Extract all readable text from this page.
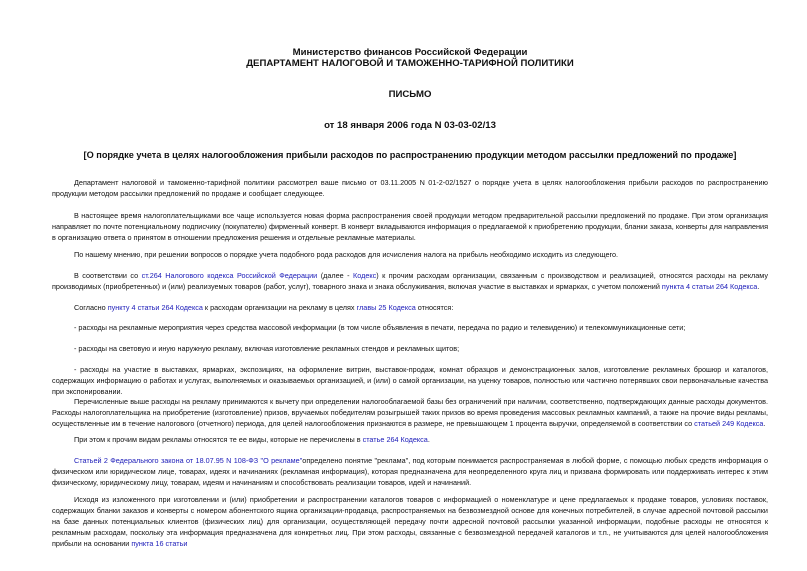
Министерство финансов Российской Федерации
ДЕПАРТАМЕНТ НАЛОГОВОЙ И ТАМОЖЕННО-ТАРИФНОЙ ПОЛИТИКИ
ПИСЬМО
от 18 января 2006 года N 03-03-02/13
[О порядке учета в целях налогообложения прибыли расходов по распространению продукции методом рассылки предложений по продаже]
Департамент налоговой и таможенно-тарифной политики рассмотрел ваше письмо от 03.11.2005 N 01-2-02/1527 о порядке учета в целях налогообложения прибыли расходов по распространению продукции методом рассылки предложений по продаже и сообщает следующее.
В настоящее время налогоплательщиками все чаще используется новая форма распространения своей продукции методом предварительной рассылки предложений по продаже. При этом организация направляет по почте потенциальному подписчику (покупателю) фирменный конверт. В конверт вкладываются информация о предлагаемой к приобретению продукции, бланки заказа, конверты для направления в организацию ответа о принятом в отношении предложения решения и отдельные рекламные материалы.
По нашему мнению, при решении вопросов о порядке учета подобного рода расходов для исчисления налога на прибыль необходимо исходить из следующего.
В соответствии со ст.264 Налогового кодекса Российской Федерации (далее - Кодекс) к прочим расходам организации, связанным с производством и реализацией, относятся расходы на рекламу производимых (приобретенных) и (или) реализуемых товаров (работ, услуг), товарного знака и знака обслуживания, включая участие в выставках и ярмарках, с учетом положений пункта 4 статьи 264 Кодекса.
Согласно пункту 4 статьи 264 Кодекса к расходам организации на рекламу в целях главы 25 Кодекса относятся:
- расходы на рекламные мероприятия через средства массовой информации (в том числе объявления в печати, передача по радио и телевидению) и телекоммуникационные сети;
- расходы на световую и иную наружную рекламу, включая изготовление рекламных стендов и рекламных щитов;
- расходы на участие в выставках, ярмарках, экспозициях, на оформление витрин, выставок-продаж, комнат образцов и демонстрационных залов, изготовление рекламных брошюр и каталогов, содержащих информацию о работах и услугах, выполняемых и оказываемых организацией, и (или) о самой организации, на уценку товаров, полностью или частично потерявших свои первоначальные качества при экспонировании.
Перечисленные выше расходы на рекламу принимаются к вычету при определении налогооблагаемой базы без ограничений при наличии, соответственно, подтверждающих данные расходы документов. Расходы налогоплательщика на приобретение (изготовление) призов, вручаемых победителям розыгрышей таких призов во время проведения массовых рекламных кампаний, а также на прочие виды рекламы, осуществленные им в течение налогового (отчетного) периода, для целей налогообложения признаются в размере, не превышающем 1 процента выручки, определяемой в соответствии со статьей 249 Кодекса.
При этом к прочим видам рекламы относятся те ее виды, которые не перечислены в статье 264 Кодекса.
Статьей 2 Федерального закона от 18.07.95 N 108-ФЗ "О рекламе"определено понятие "реклама", под которым понимается распространяемая в любой форме, с помощью любых средств информация о физическом или юридическом лице, товарах, идеях и начинаниях (рекламная информация), которая предназначена для неопределенного круга лиц и призвана формировать или поддерживать интерес к этим физическому, юридическому лицу, товарам, идеям и начинаниям и способствовать реализации товаров, идей и начинаний.
Исходя из изложенного при изготовлении и (или) приобретении и распространении каталогов товаров с информацией о номенклатуре и цене предлагаемых к продаже товаров, условиях поставок, содержащих бланки заказов и конверты с номером абонентского ящика организации-продавца, распространяемых на безвозмездной основе для конечных потребителей, в случае адресной почтовой рассылки на базе данных потенциальных клиентов (физических лиц) для организации, осуществляющей передачу почти адресной почтовой рассылки указанной информации, подобные расходы не относятся к рекламным расходам, поскольку эта информация предназначена для конкретных лиц. При этом расходы, связанные с безвозмездной передачей каталогов и т.п., не учитываются для целей налогообложения прибыли на основании пункта 16 статьи
